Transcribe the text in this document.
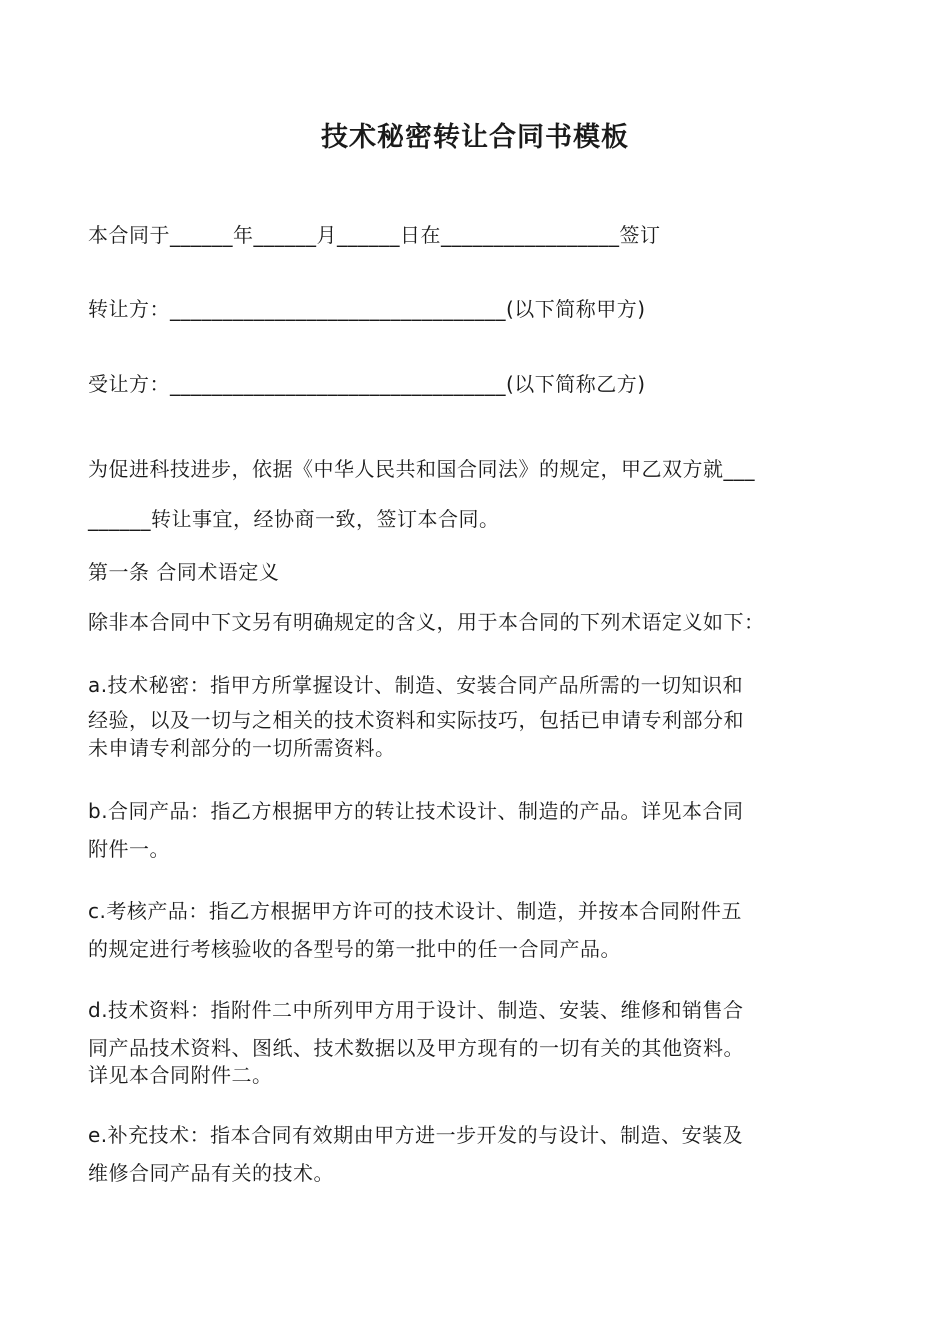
技术秘密转让合同书模板
本合同于______年______月______日在_________________签订
转让方：________________________________(以下简称甲方)
受让方：________________________________(以下简称乙方)
为促进科技进步，依据《中华人民共和国合同法》的规定，甲乙双方就___
______转让事宜，经协商一致，签订本合同。
第一条 合同术语定义
除非本合同中下文另有明确规定的含义，用于本合同的下列术语定义如下：
a.技术秘密：指甲方所掌握设计、制造、安装合同产品所需的一切知识和
经验，以及一切与之相关的技术资料和实际技巧，包括已申请专利部分和
未申请专利部分的一切所需资料。
b.合同产品：指乙方根据甲方的转让技术设计、制造的产品。详见本合同
附件一。
c.考核产品：指乙方根据甲方许可的技术设计、制造，并按本合同附件五
的规定进行考核验收的各型号的第一批中的任一合同产品。
d.技术资料：指附件二中所列甲方用于设计、制造、安装、维修和销售合
同产品技术资料、图纸、技术数据以及甲方现有的一切有关的其他资料。
详见本合同附件二。
e.补充技术：指本合同有效期由甲方进一步开发的与设计、制造、安装及
维修合同产品有关的技术。
